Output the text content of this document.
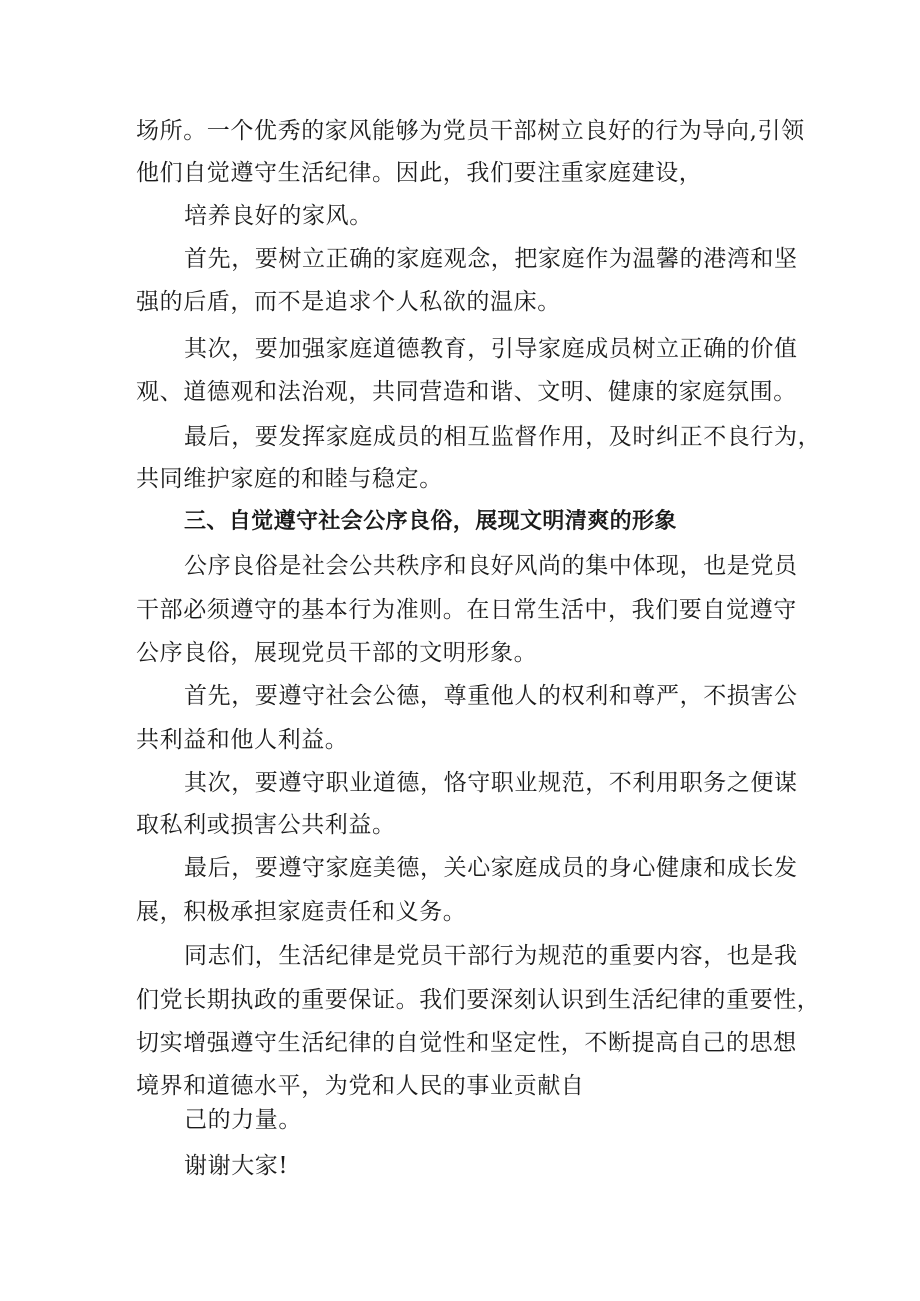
场所。一个优秀的家风能够为党员干部树立良好的行为导向,引领
他们自觉遵守生活纪律。因此，我们要注重家庭建设，
培养良好的家风。
首先，要树立正确的家庭观念，把家庭作为温馨的港湾和坚
强的后盾，而不是追求个人私欲的温床。
其次，要加强家庭道德教育，引导家庭成员树立正确的价值
观、道德观和法治观，共同营造和谐、文明、健康的家庭氛围。
最后，要发挥家庭成员的相互监督作用，及时纠正不良行为，
共同维护家庭的和睦与稳定。
三、自觉遵守社会公序良俗，展现文明清爽的形象
公序良俗是社会公共秩序和良好风尚的集中体现，也是党员
干部必须遵守的基本行为准则。在日常生活中，我们要自觉遵守
公序良俗，展现党员干部的文明形象。
首先，要遵守社会公德，尊重他人的权利和尊严，不损害公
共利益和他人利益。
其次，要遵守职业道德，恪守职业规范，不利用职务之便谋
取私利或损害公共利益。
最后，要遵守家庭美德，关心家庭成员的身心健康和成长发
展，积极承担家庭责任和义务。
同志们，生活纪律是党员干部行为规范的重要内容，也是我
们党长期执政的重要保证。我们要深刻认识到生活纪律的重要性，
切实增强遵守生活纪律的自觉性和坚定性，不断提高自己的思想
境界和道德水平，为党和人民的事业贡献自
己的力量。
谢谢大家!
